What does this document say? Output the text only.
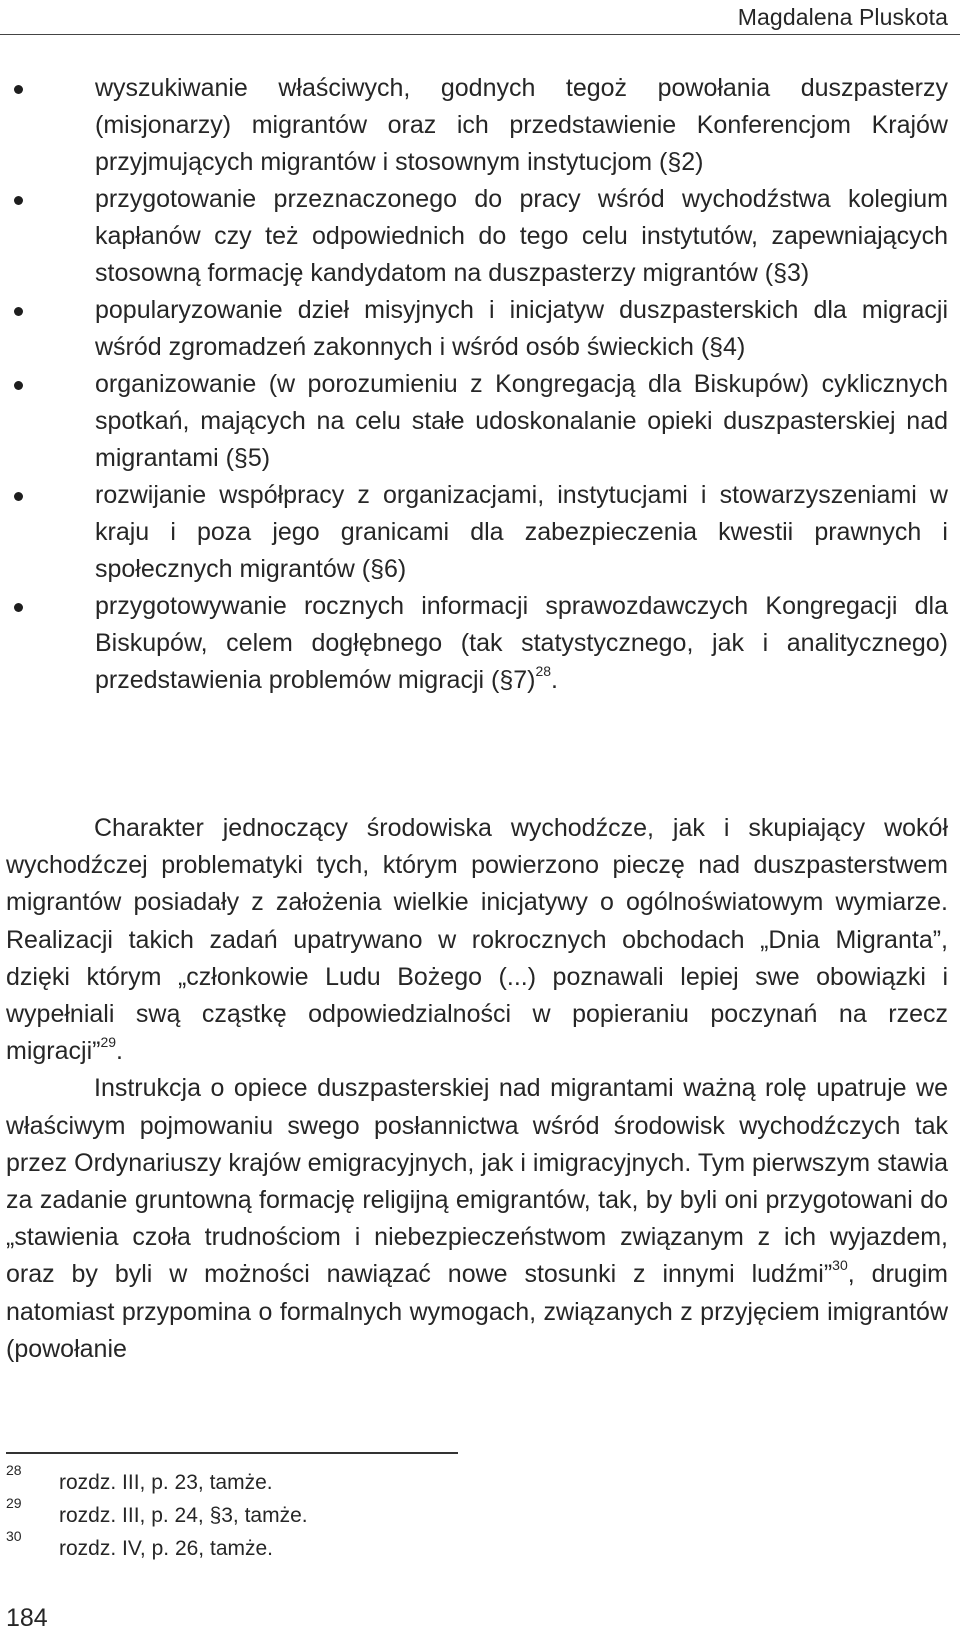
Magdalena Pluskota
wyszukiwanie właściwych, godnych tegoż powołania duszpasterzy (misjonarzy) migrantów oraz ich przedstawienie Konferencjom Krajów przyjmujących migrantów i stosownym instytucjom (§2)
przygotowanie przeznaczonego do pracy wśród wychodźstwa kolegium kapłanów czy też odpowiednich do tego celu instytutów, zapewniających stosowną formację kandydatom na duszpasterzy migrantów (§3)
popularyzowanie dzieł misyjnych i inicjatyw duszpasterskich dla migracji wśród zgromadzeń zakonnych i wśród osób świeckich (§4)
organizowanie (w porozumieniu z Kongregacją dla Biskupów) cyklicznych spotkań, mających na celu stałe udoskonalanie opieki duszpasterskiej nad migrantami (§5)
rozwijanie współpracy z organizacjami, instytucjami i stowarzyszeniami w kraju i poza jego granicami dla zabezpieczenia kwestii prawnych i społecznych migrantów (§6)
przygotowywanie rocznych informacji sprawozdawczych Kongregacji dla Biskupów, celem dogłębnego (tak statystycznego, jak i analitycznego) przedstawienia problemów migracji (§7)$^{28}$.

Charakter jednoczący środowiska wychodźcze, jak i skupiający wokół wychodźczej problematyki tych, którym powierzono pieczę nad duszpasterstwem migrantów posiadały z założenia wielkie inicjatywy o ogólnoświatowym wymiarze. Realizacji takich zadań upatrywano w rokrocznych obchodach „Dnia Migranta”, dzięki którym „członkowie Ludu Bożego (...) poznawali lepiej swe obowiązki i wypełniali swą cząstkę odpowiedzialności w popieraniu poczynań na rzecz migracji”$^{29}$.

Instrukcja o opiece duszpasterskiej nad migrantami ważną rolę upatruje we właściwym pojmowaniu swego posłannictwa wśród środowisk wychodźczych tak przez Ordynariuszy krajów emigracyjnych, jak i imigracyjnych. Tym pierwszym stawia za zadanie gruntowną formację religijną emigrantów, tak, by byli oni przygotowani do „stawienia czoła trudnościom i niebezpieczeństwom związanym z ich wyjazdem, oraz by byli w możności nawiązać nowe stosunki z innymi ludźmi”$^{30}$, drugim natomiast przypomina o formalnych wymogach, związanych z przyjęciem imigrantów (powołanie

28
rozdz. III, p. 23, tamże.
29
rozdz. III, p. 24, §3, tamże.
30
rozdz. IV, p. 26, tamże.
184
